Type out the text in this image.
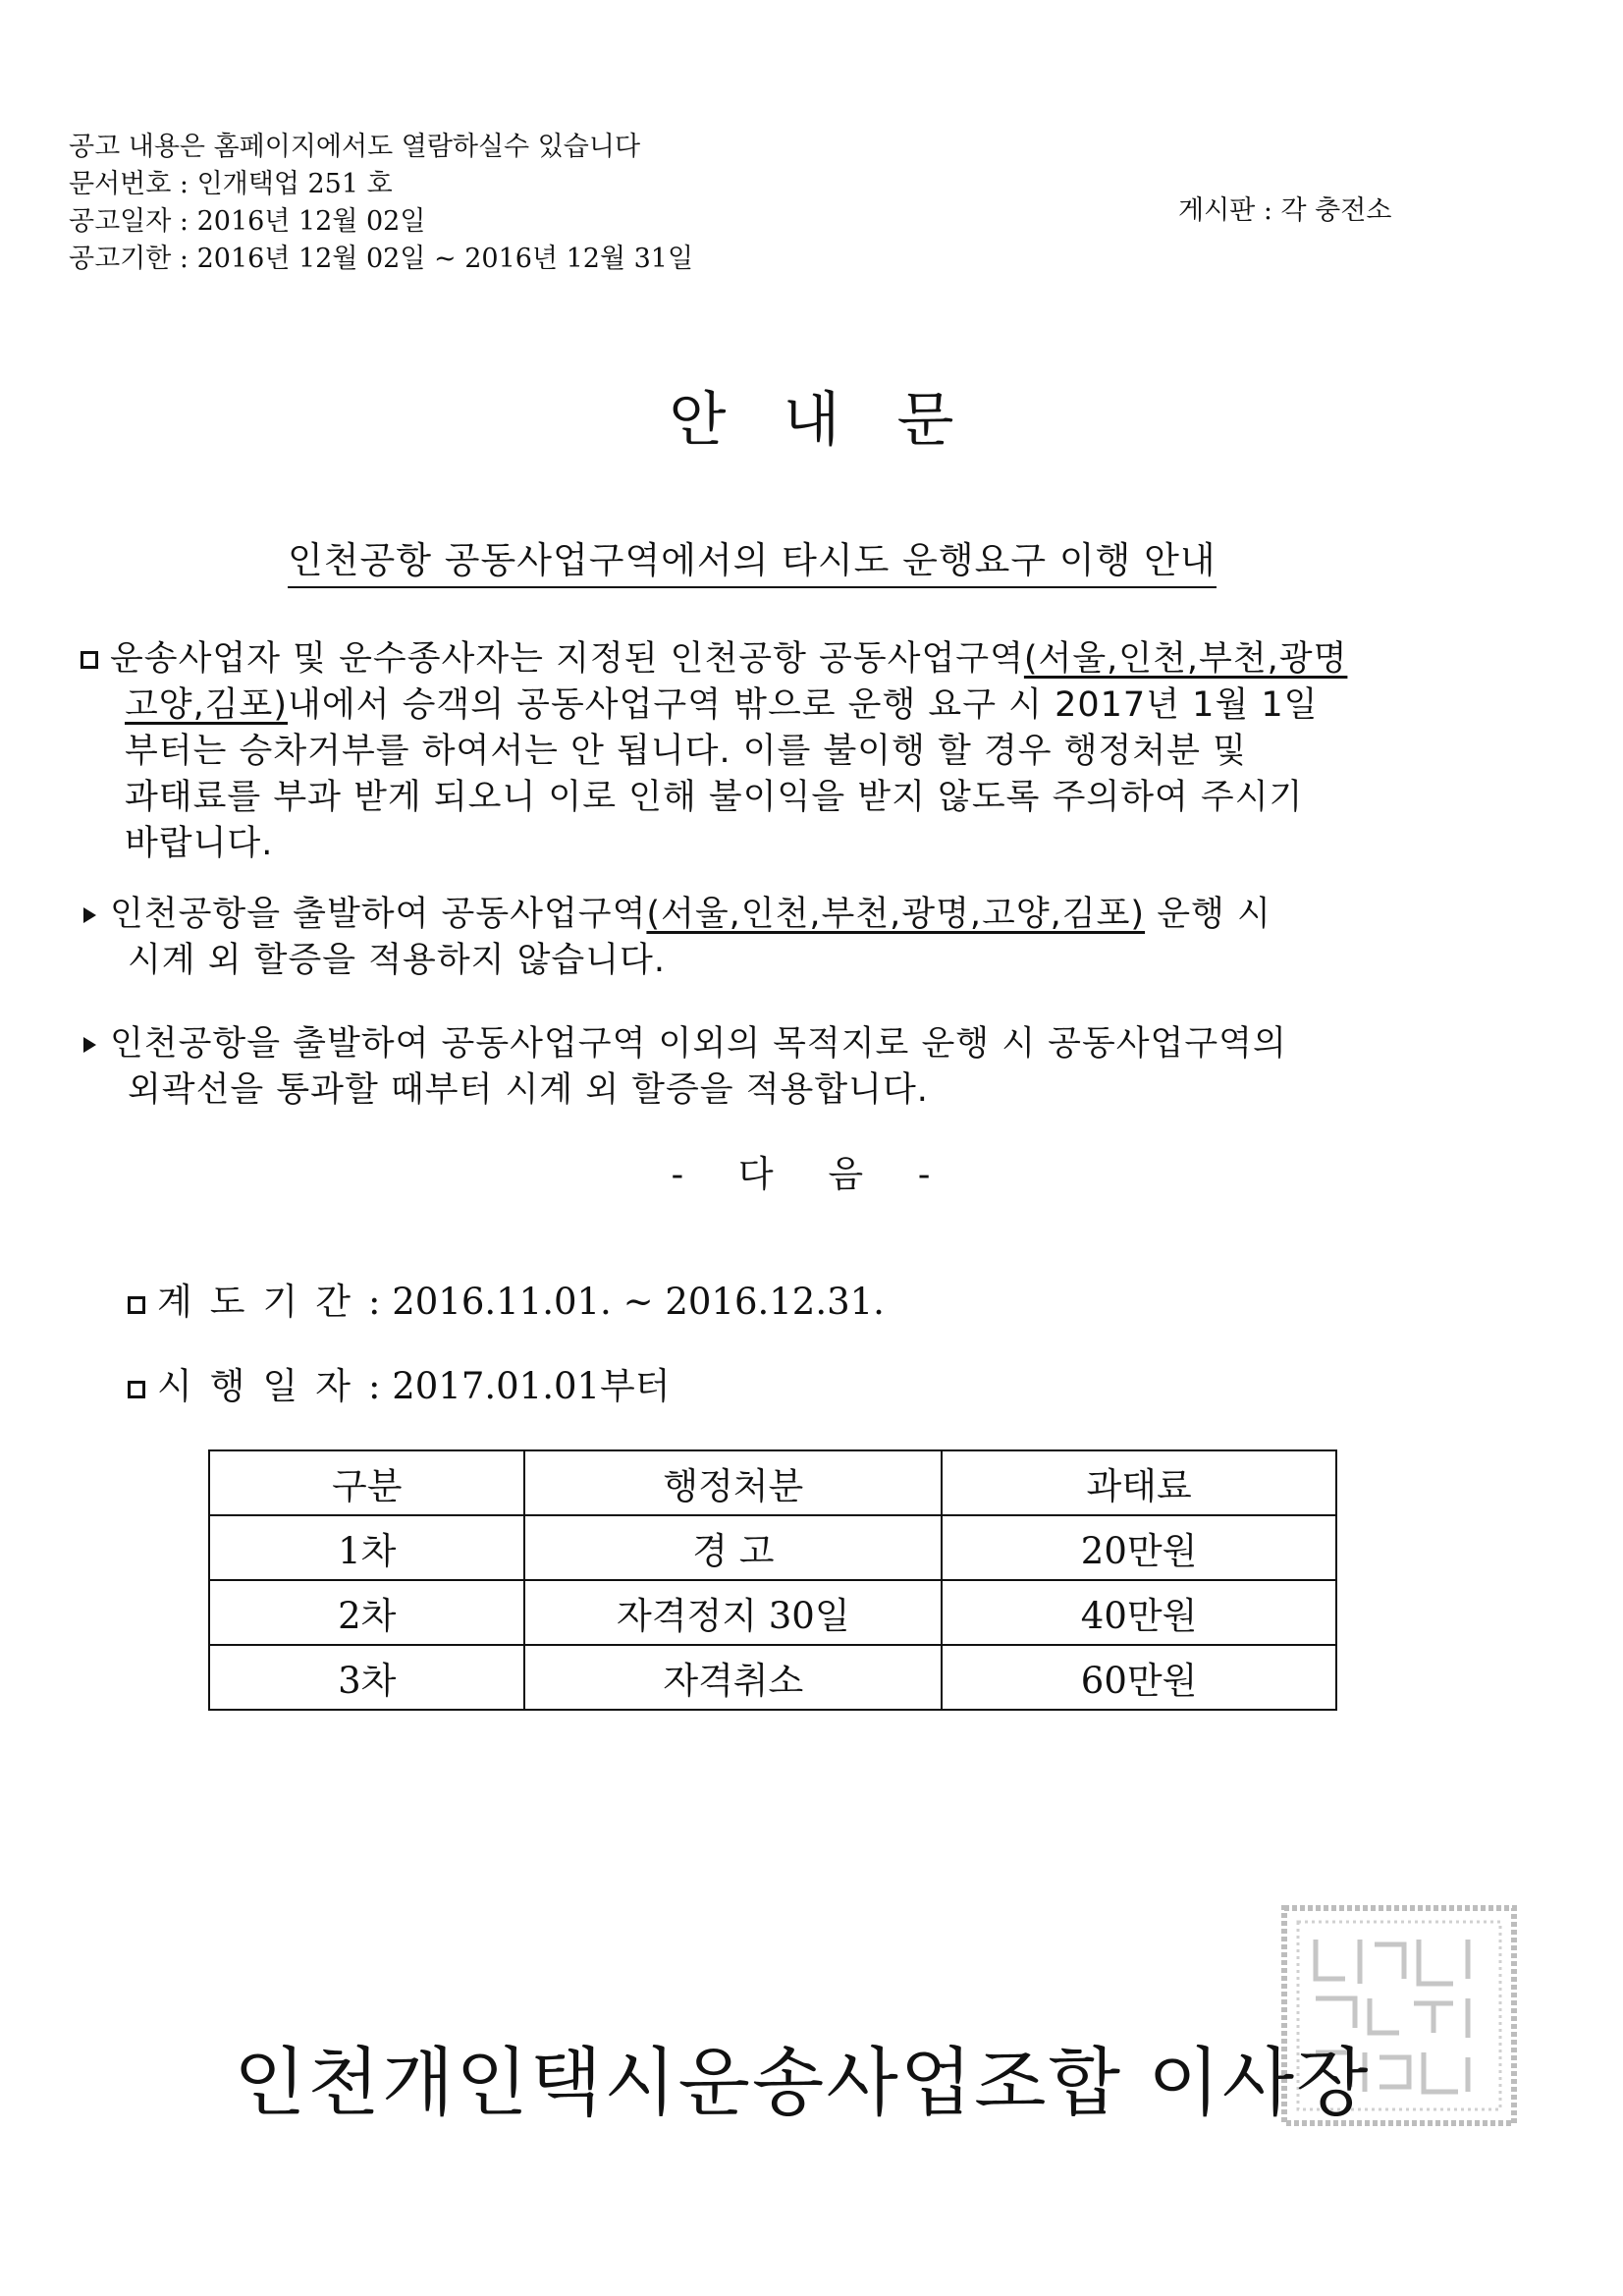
공고 내용은 홈페이지에서도 열람하실수 있습니다
문서번호 : 인개택업 251 호
공고일자 : 2016년 12월 02일
공고기한 : 2016년 12월 02일 ~ 2016년 12월 31일
게시판 : 각 충전소
안내문
인천공항 공동사업구역에서의 타시도 운행요구 이행 안내
운송사업자 및 운수종사자는 지정된 인천공항 공동사업구역(서울,인천,부천,광명
고양,김포)내에서 승객의 공동사업구역 밖으로 운행 요구 시 2017년 1월 1일
부터는 승차거부를 하여서는 안 됩니다. 이를 불이행 할 경우 행정처분 및
과태료를 부과 받게 되오니 이로 인해 불이익을 받지 않도록 주의하여 주시기
바랍니다.
인천공항을 출발하여 공동사업구역(서울,인천,부천,광명,고양,김포) 운행 시
시계 외 할증을 적용하지 않습니다.
인천공항을 출발하여 공동사업구역 이외의 목적지로 운행 시 공동사업구역의
외곽선을 통과할 때부터 시계 외 할증을 적용합니다.
- 다 음 -
계도기간: 2016.11.01. ~ 2016.12.31.
시행일자: 2017.01.01부터
구분	행정처분	과태료
1차	경 고	20만원
2차	자격정지 30일	40만원
3차	자격취소	60만원
인천개인택시운송사업조합 이사장
